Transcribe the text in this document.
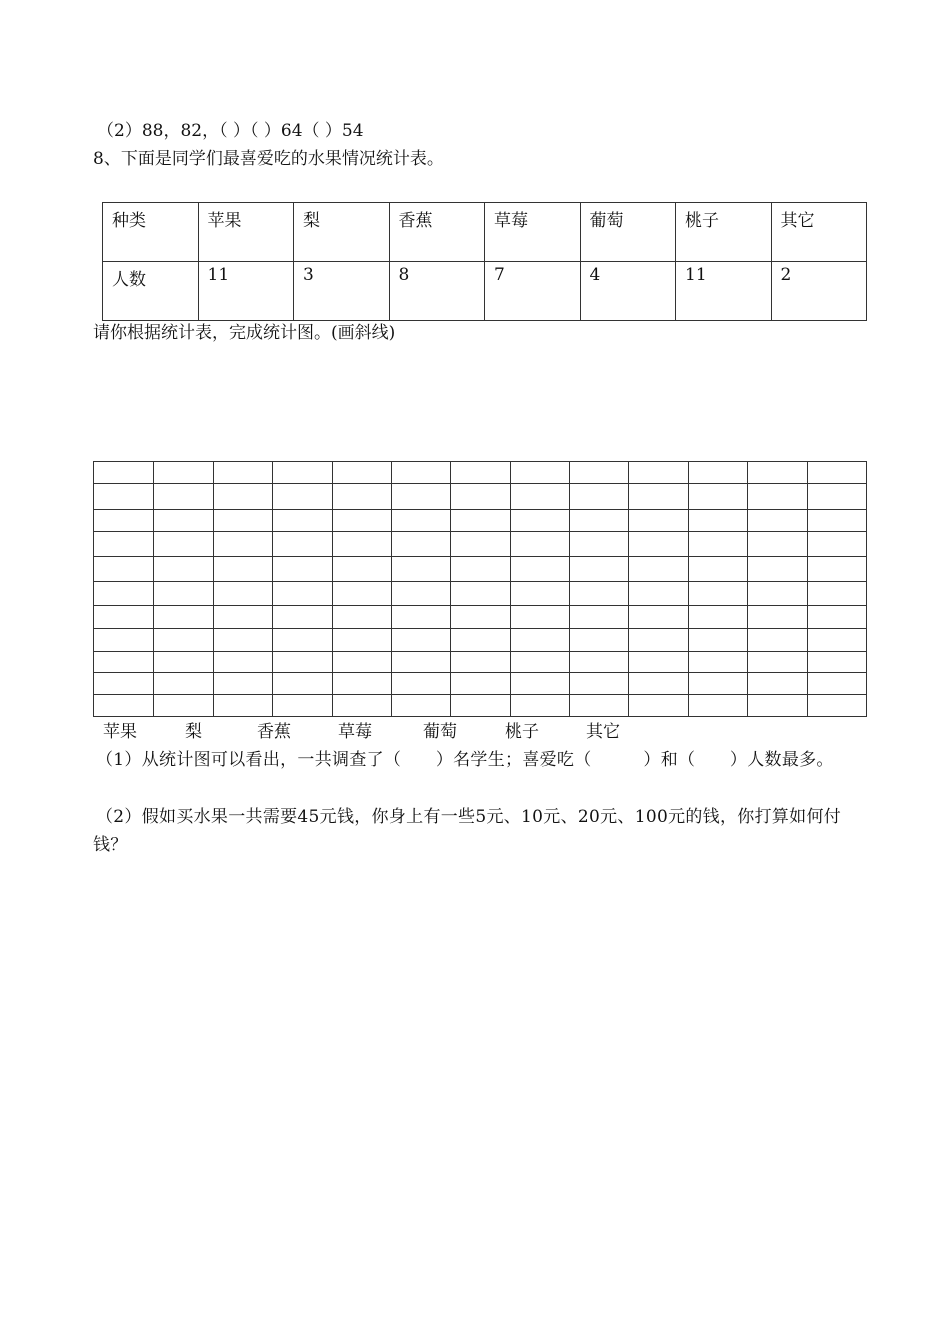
（2）88，82，（ ）（ ）64（ ）54
8、下面是同学们最喜爱吃的水果情况统计表。
种类	苹果	梨	香蕉	草莓	葡萄	桃子	其它
人数	11	3	8	7	4	11	2
请你根据统计表，完成统计图。(画斜线)
苹果	梨	香蕉	草莓	葡萄	桃子	其它
（1）从统计图可以看出，一共调查了（　　）名学生；喜爱吃（　　　）和（　　）人数最多。
（2）假如买水果一共需要45元钱，你身上有一些5元、10元、20元、100元的钱，你打算如何付钱？
